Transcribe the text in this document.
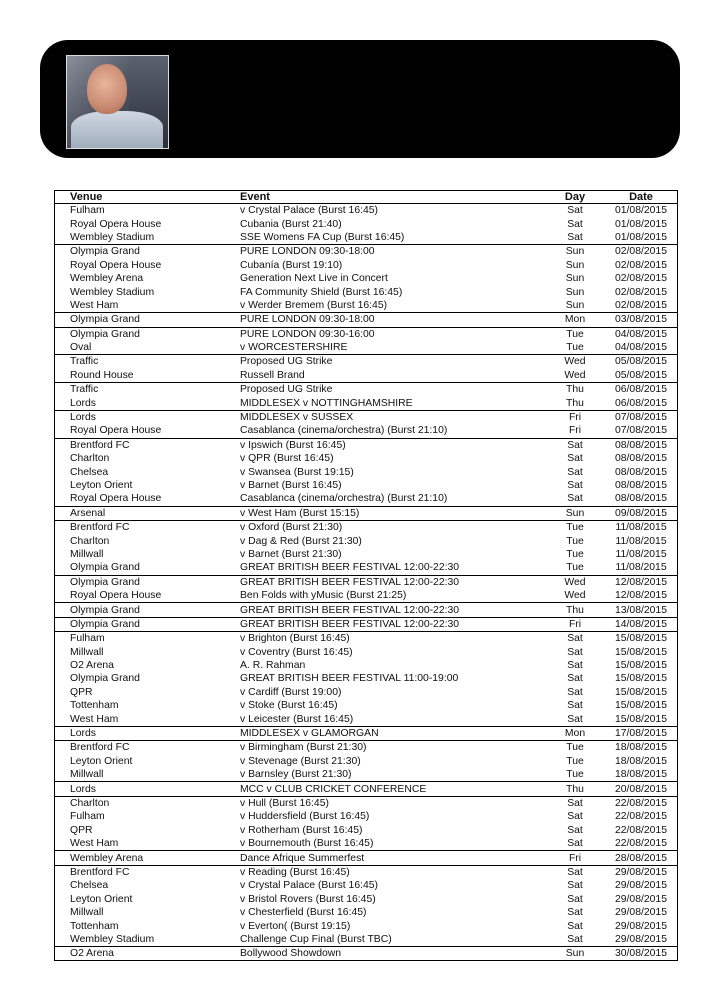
Venue	Event	Day	Date
Fulham	v Crystal Palace (Burst 16:45)	Sat	01/08/2015
Royal Opera House	Cubania (Burst 21:40)	Sat	01/08/2015
Wembley Stadium	SSE Womens FA Cup (Burst 16:45)	Sat	01/08/2015
Olympia Grand	PURE LONDON 09:30-18:00	Sun	02/08/2015
Royal Opera House	Cubanía (Burst 19:10)	Sun	02/08/2015
Wembley Arena	Generation Next Live in Concert	Sun	02/08/2015
Wembley Stadium	FA Community Shield (Burst 16:45)	Sun	02/08/2015
West Ham	v Werder Bremem (Burst 16:45)	Sun	02/08/2015
Olympia Grand	PURE LONDON 09:30-18:00	Mon	03/08/2015
Olympia Grand	PURE LONDON 09:30-16:00	Tue	04/08/2015
Oval	v WORCESTERSHIRE	Tue	04/08/2015
Traffic	Proposed UG Strike	Wed	05/08/2015
Round House	Russell Brand	Wed	05/08/2015
Traffic	Proposed UG Strike	Thu	06/08/2015
Lords	MIDDLESEX v NOTTINGHAMSHIRE	Thu	06/08/2015
Lords	MIDDLESEX v SUSSEX	Fri	07/08/2015
Royal Opera House	Casablanca (cinema/orchestra) (Burst 21:10)	Fri	07/08/2015
Brentford FC	v Ipswich (Burst 16:45)	Sat	08/08/2015
Charlton	v QPR (Burst 16:45)	Sat	08/08/2015
Chelsea	v Swansea (Burst 19:15)	Sat	08/08/2015
Leyton Orient	v Barnet (Burst 16:45)	Sat	08/08/2015
Royal Opera House	Casablanca (cinema/orchestra) (Burst 21:10)	Sat	08/08/2015
Arsenal	v West Ham (Burst 15:15)	Sun	09/08/2015
Brentford FC	v Oxford (Burst 21:30)	Tue	11/08/2015
Charlton	v Dag & Red (Burst 21:30)	Tue	11/08/2015
Millwall	v Barnet (Burst 21:30)	Tue	11/08/2015
Olympia Grand	GREAT BRITISH BEER FESTIVAL 12:00-22:30	Tue	11/08/2015
Olympia Grand	GREAT BRITISH BEER FESTIVAL 12:00-22:30	Wed	12/08/2015
Royal Opera House	Ben Folds with yMusic (Burst 21:25)	Wed	12/08/2015
Olympia Grand	GREAT BRITISH BEER FESTIVAL 12:00-22:30	Thu	13/08/2015
Olympia Grand	GREAT BRITISH BEER FESTIVAL 12:00-22:30	Fri	14/08/2015
Fulham	v Brighton (Burst 16:45)	Sat	15/08/2015
Millwall	v Coventry (Burst 16:45)	Sat	15/08/2015
O2 Arena	A. R. Rahman	Sat	15/08/2015
Olympia Grand	GREAT BRITISH BEER FESTIVAL 11:00-19:00	Sat	15/08/2015
QPR	v Cardiff (Burst 19:00)	Sat	15/08/2015
Tottenham	v Stoke (Burst 16:45)	Sat	15/08/2015
West Ham	v Leicester (Burst 16:45)	Sat	15/08/2015
Lords	MIDDLESEX v GLAMORGAN	Mon	17/08/2015
Brentford FC	v Birmingham (Burst 21:30)	Tue	18/08/2015
Leyton Orient	v Stevenage (Burst 21:30)	Tue	18/08/2015
Millwall	v Barnsley (Burst 21:30)	Tue	18/08/2015
Lords	MCC v CLUB CRICKET CONFERENCE	Thu	20/08/2015
Charlton	v Hull (Burst 16:45)	Sat	22/08/2015
Fulham	v Huddersfield (Burst 16:45)	Sat	22/08/2015
QPR	v Rotherham (Burst 16:45)	Sat	22/08/2015
West Ham	v Bournemouth (Burst 16:45)	Sat	22/08/2015
Wembley Arena	Dance Afrique Summerfest	Fri	28/08/2015
Brentford FC	v Reading (Burst 16:45)	Sat	29/08/2015
Chelsea	v Crystal Palace (Burst 16:45)	Sat	29/08/2015
Leyton Orient	v Bristol Rovers (Burst 16:45)	Sat	29/08/2015
Millwall	v Chesterfield (Burst 16:45)	Sat	29/08/2015
Tottenham	v Everton( (Burst 19:15)	Sat	29/08/2015
Wembley Stadium	Challenge Cup Final (Burst TBC)	Sat	29/08/2015
O2 Arena	Bollywood Showdown	Sun	30/08/2015
